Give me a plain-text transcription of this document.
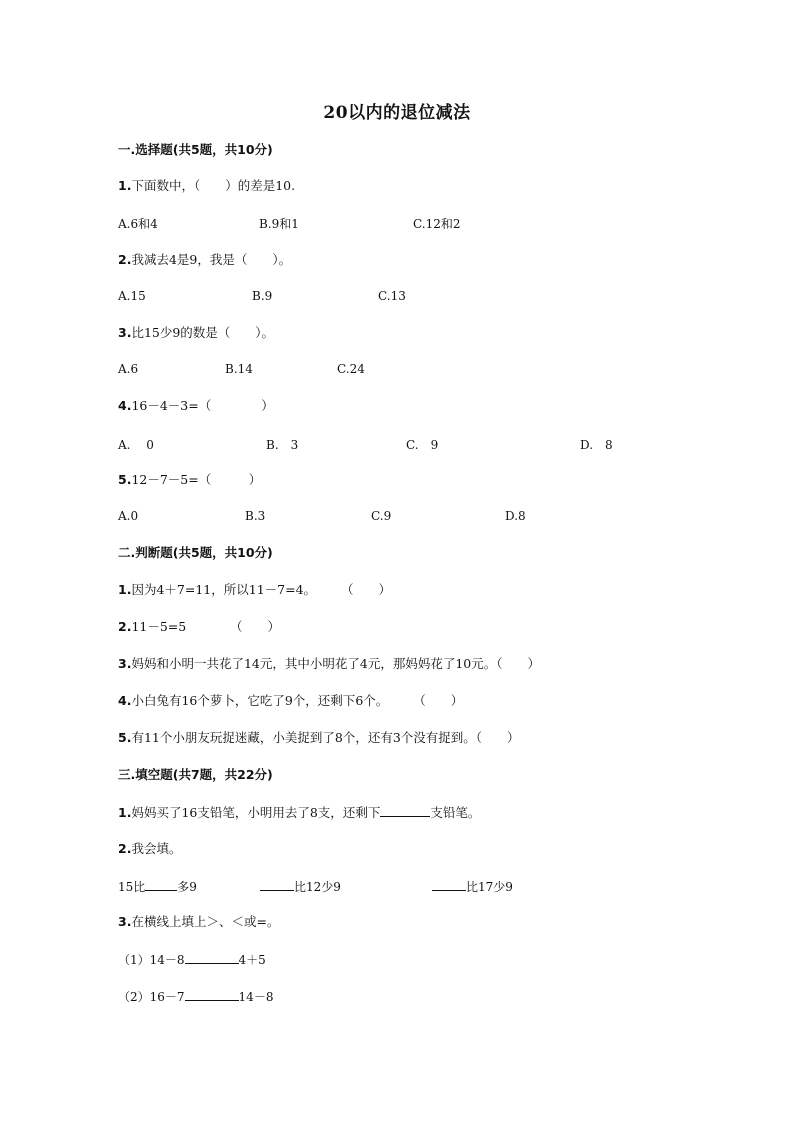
20以内的退位减法
一.选择题(共5题，共10分)
1.下面数中，（　　）的差是10.
A.6和4	B.9和1	C.12和2
2.我减去4是9，我是（　　）。
A.15	B.9	C.13
3.比15少9的数是（　　）。
A.6	B.14	C.24
4.16－4－3=（　　　　）
A.　 0	B.　3	C.　9	D.　8
5.12－7－5=（　　　）
A.0	B.3	C.9	D.8
二.判断题(共5题，共10分)
1.因为4＋7=11，所以11－7=4。　　　（　　）
2.11－5=5　　　　（　　）
3.妈妈和小明一共花了14元，其中小明花了4元，那妈妈花了10元。（　　）
4.小白兔有16个萝卜，它吃了9个，还剩下6个。　　　（　　）
5.有11个小朋友玩捉迷藏，小美捉到了8个，还有3个没有捉到。（　　）
三.填空题(共7题，共22分)
1.妈妈买了16支铅笔，小明用去了8支，还剩下	支铅笔。
2.我会填。
15比	多9	比12少9	比17少9
3.在横线上填上＞、＜或=。
（1）14－8	4＋5
（2）16－7	14－8
